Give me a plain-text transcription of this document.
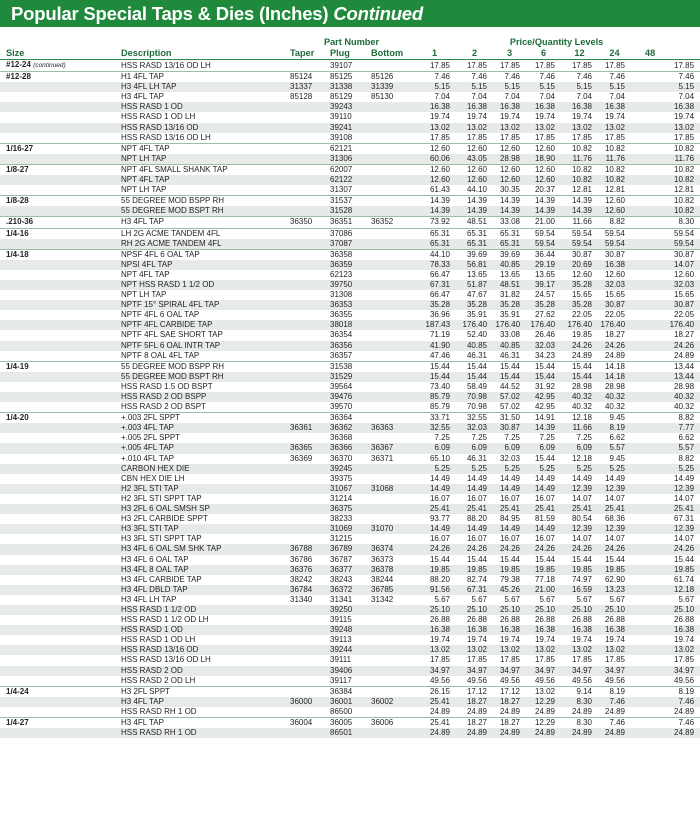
Popular Special Taps & Dies (Inches) Continued
		Part Number			Price/Quantity Levels						
Size	Description	Taper	Plug	Bottom	1	2	3	6	12	24	48
#12-24 (continued)	HSS RASD 13/16 OD LH		39107		17.85	17.85	17.85	17.85	17.85	17.85	17.85
#12-28	H1 4FL TAP	85124	85125	85126	7.46	7.46	7.46	7.46	7.46	7.46	7.46
	H3 4FL LH TAP	31337	31338	31339	5.15	5.15	5.15	5.15	5.15	5.15	5.15
	H3 4FL TAP	85128	85129	85130	7.04	7.04	7.04	7.04	7.04	7.04	7.04
	HSS RASD 1 OD		39243		16.38	16.38	16.38	16.38	16.38	16.38	16.38
	HSS RASD 1 OD LH		39110		19.74	19.74	19.74	19.74	19.74	19.74	19.74
	HSS RASD 13/16 OD		39241		13.02	13.02	13.02	13.02	13.02	13.02	13.02
	HSS RASD 13/16 OD LH		39108		17.85	17.85	17.85	17.85	17.85	17.85	17.85
1/16-27	NPT 4FL TAP		62121		12.60	12.60	12.60	12.60	10.82	10.82	10.82
	NPT LH TAP		31306		60.06	43.05	28.98	18.90	11.76	11.76	11.76
1/8-27	NPT 4FL SMALL SHANK TAP		62007		12.60	12.60	12.60	12.60	10.82	10.82	10.82
	NPT 4FL TAP		62122		12.60	12.60	12.60	12.60	10.82	10.82	10.82
	NPT LH TAP		31307		61.43	44.10	30.35	20.37	12.81	12.81	12.81
1/8-28	55 DEGREE MOD BSPP RH		31537		14.39	14.39	14.39	14.39	14.39	12.60	10.82
	55 DEGREE MOD BSPT RH		31528		14.39	14.39	14.39	14.39	14.39	12.60	10.82
.210-36	H3 4FL TAP	36350	36351	36352	73.92	48.51	33.08	21.00	11.66	8.82	8.30
1/4-16	LH 2G ACME TANDEM 4FL		37086		65.31	65.31	65.31	59.54	59.54	59.54	59.54
	RH 2G ACME TANDEM 4FL		37087		65.31	65.31	65.31	59.54	59.54	59.54	59.54
1/4-18	NPSF 4FL 6 OAL TAP		36358		44.10	39.69	39.69	36.44	30.87	30.87	30.87
	NPSI 4FL TAP		36359		78.33	56.81	40.85	29.19	20.69	16.38	14.07
	NPT 4FL TAP		62123		66.47	13.65	13.65	13.65	12.60	12.60	12.60
	NPT HSS RASD 1 1/2 OD		39750		67.31	51.87	48.51	39.17	35.28	32.03	32.03
	NPT LH TAP		31308		66.47	47.67	31.82	24.57	15.65	15.65	15.65
	NPTF 15° SPIRAL 4FL TAP		36353		35.28	35.28	35.28	35.28	35.28	30.87	30.87
	NPTF 4FL 6 OAL TAP		36355		36.96	35.91	35.91	27.62	22.05	22.05	22.05
	NPTF 4FL CARBIDE TAP		38018		187.43	176.40	176.40	176.40	176.40	176.40	176.40
	NPTF 4FL SAE SHORT TAP		36354		71.19	52.40	33.08	26.46	19.85	18.27	18.27
	NPTF 5FL 6 OAL INTR TAP		36356		41.90	40.85	40.85	32.03	24.26	24.26	24.26
	NPTF 8 OAL 4FL TAP		36357		47.46	46.31	46.31	34.23	24.89	24.89	24.89
1/4-19	55 DEGREE MOD BSPP RH		31538		15.44	15.44	15.44	15.44	15.44	14.18	13.44
	55 DEGREE MOD BSPT RH		31529		15.44	15.44	15.44	15.44	15.44	14.18	13.44
	HSS RASD 1.5 OD BSPT		39564		73.40	58.49	44.52	31.92	28.98	28.98	28.98
	HSS RASD 2 OD BSPP		39476		85.79	70.98	57.02	42.95	40.32	40.32	40.32
	HSS RASD 2 OD BSPT		39570		85.79	70.98	57.02	42.95	40.32	40.32	40.32
1/4-20	+.003 2FL SPPT		36364		33.71	32.55	31.50	14.91	12.18	9.45	8.82
	+.003 4FL TAP	36361	36362	36363	32.55	32.03	30.87	14.39	11.66	8.19	7.77
	+.005 2FL SPPT		36368		7.25	7.25	7.25	7.25	7.25	6.62	6.62
	+.005 4FL TAP	36365	36366	36367	6.09	6.09	6.09	6.09	6.09	5.57	5.57
	+.010 4FL TAP	36369	36370	36371	65.10	46.31	32.03	15.44	12.18	9.45	8.82
	CARBON HEX DIE		39245		5.25	5.25	5.25	5.25	5.25	5.25	5.25
	CBN HEX DIE LH		39375		14.49	14.49	14.49	14.49	14.49	14.49	14.49
	H2 3FL STI TAP		31067	31068	14.49	14.49	14.49	14.49	12.39	12.39	12.39
	H2 3FL STI SPPT TAP		31214		16.07	16.07	16.07	16.07	14.07	14.07	14.07
	H3 2FL 6 OAL SMSH SP		36375		25.41	25.41	25.41	25.41	25.41	25.41	25.41
	H3 2FL CARBIDE SPPT		38233		93.77	88.20	84.95	81.59	80.54	68.36	67.31
	H3 3FL STI TAP		31069	31070	14.49	14.49	14.49	14.49	12.39	12.39	12.39
	H3 3FL STI SPPT TAP		31215		16.07	16.07	16.07	16.07	14.07	14.07	14.07
	H3 4FL 6 OAL SM SHK TAP	36788	36789	36374	24.26	24.26	24.26	24.26	24.26	24.26	24.26
	H3 4FL 6 OAL TAP	36786	36787	36373	15.44	15.44	15.44	15.44	15.44	15.44	15.44
	H3 4FL 8 OAL TAP	36376	36377	36378	19.85	19.85	19.85	19.85	19.85	19.85	19.85
	H3 4FL CARBIDE TAP	38242	38243	38244	88.20	82.74	79.38	77.18	74.97	62.90	61.74
	H3 4FL DBLD TAP	36784	36372	36785	91.56	67.31	45.26	21.00	16.59	13.23	12.18
	H3 4FL LH TAP	31340	31341	31342	5.67	5.67	5.67	5.67	5.67	5.67	5.67
	HSS RASD 1 1/2 OD		39250		25.10	25.10	25.10	25.10	25.10	25.10	25.10
	HSS RASD 1 1/2 OD LH		39115		26.88	26.88	26.88	26.88	26.88	26.88	26.88
	HSS RASD 1 OD		39248		16.38	16.38	16.38	16.38	16.38	16.38	16.38
	HSS RASD 1 OD LH		39113		19.74	19.74	19.74	19.74	19.74	19.74	19.74
	HSS RASD 13/16 OD		39244		13.02	13.02	13.02	13.02	13.02	13.02	13.02
	HSS RASD 13/16 OD LH		39111		17.85	17.85	17.85	17.85	17.85	17.85	17.85
	HSS RASD 2 OD		39406		34.97	34.97	34.97	34.97	34.97	34.97	34.97
	HSS RASD 2 OD LH		39117		49.56	49.56	49.56	49.56	49.56	49.56	49.56
1/4-24	H3 2FL SPPT		36384		26.15	17.12	17.12	13.02	9.14	8.19	8.19
	H3 4FL TAP	36000	36001	36002	25.41	18.27	18.27	12.29	8.30	7.46	7.46
	HSS RASD RH 1 OD		86500		24.89	24.89	24.89	24.89	24.89	24.89	24.89
1/4-27	H3 4FL TAP	36004	36005	36006	25.41	18.27	18.27	12.29	8.30	7.46	7.46
	HSS RASD RH 1 OD		86501		24.89	24.89	24.89	24.89	24.89	24.89	24.89
